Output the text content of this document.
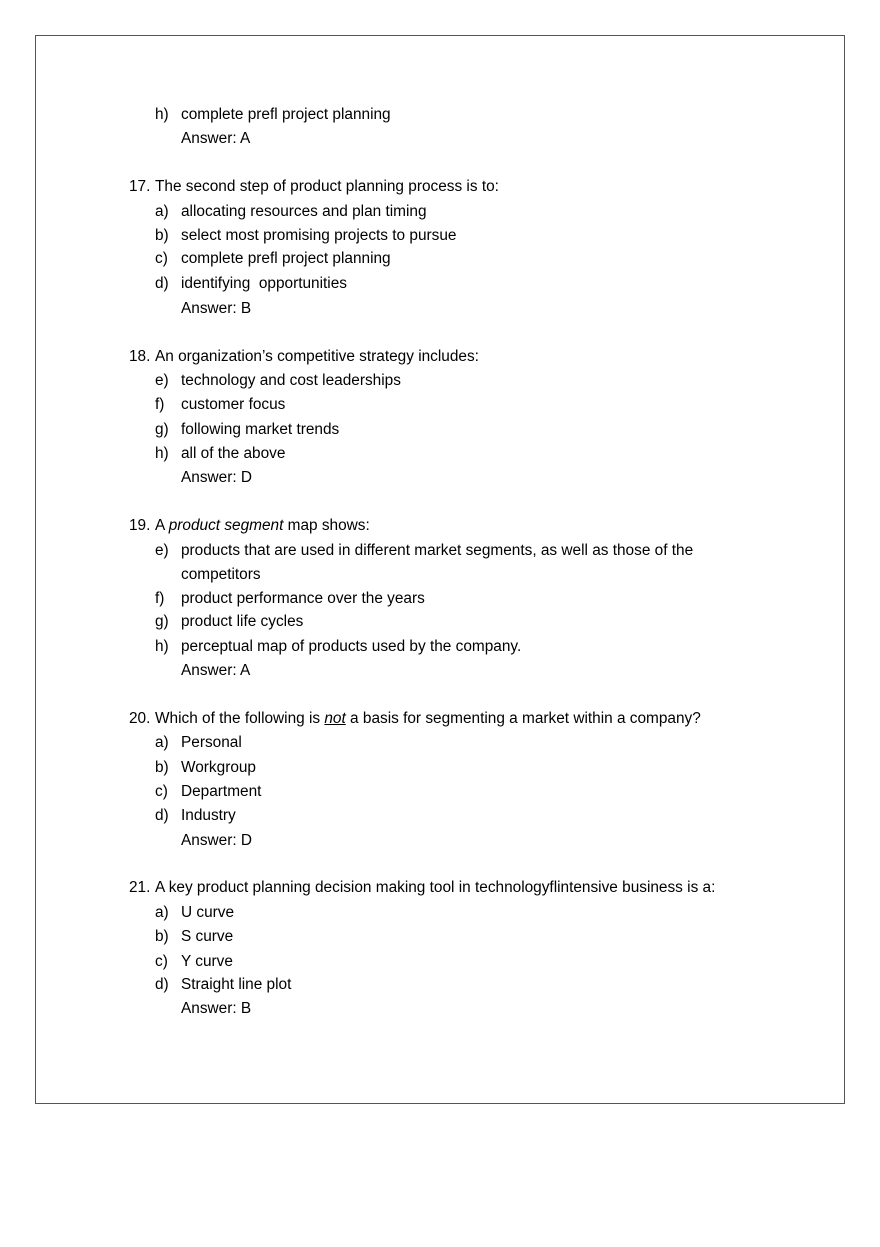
h) complete prefl project planning
Answer: A
17. The second step of product planning process is to:
a) allocating resources and plan timing
b) select most promising projects to pursue
c) complete prefl project planning
d) identifying  opportunities
Answer: B
18. An organization’s competitive strategy includes:
e) technology and cost leaderships
f) customer focus
g) following market trends
h) all of the above
Answer: D
19. A product segment map shows:
e) products that are used in different market segments, as well as those of the
competitors
f) product performance over the years
g) product life cycles
h) perceptual map of products used by the company.
Answer: A
20. Which of the following is not a basis for segmenting a market within a company?
a) Personal
b) Workgroup
c) Department
d) Industry
Answer: D
21. A key product planning decision making tool in technologyflintensive business is a:
a) U curve
b) S curve
c) Y curve
d) Straight line plot
Answer: B
